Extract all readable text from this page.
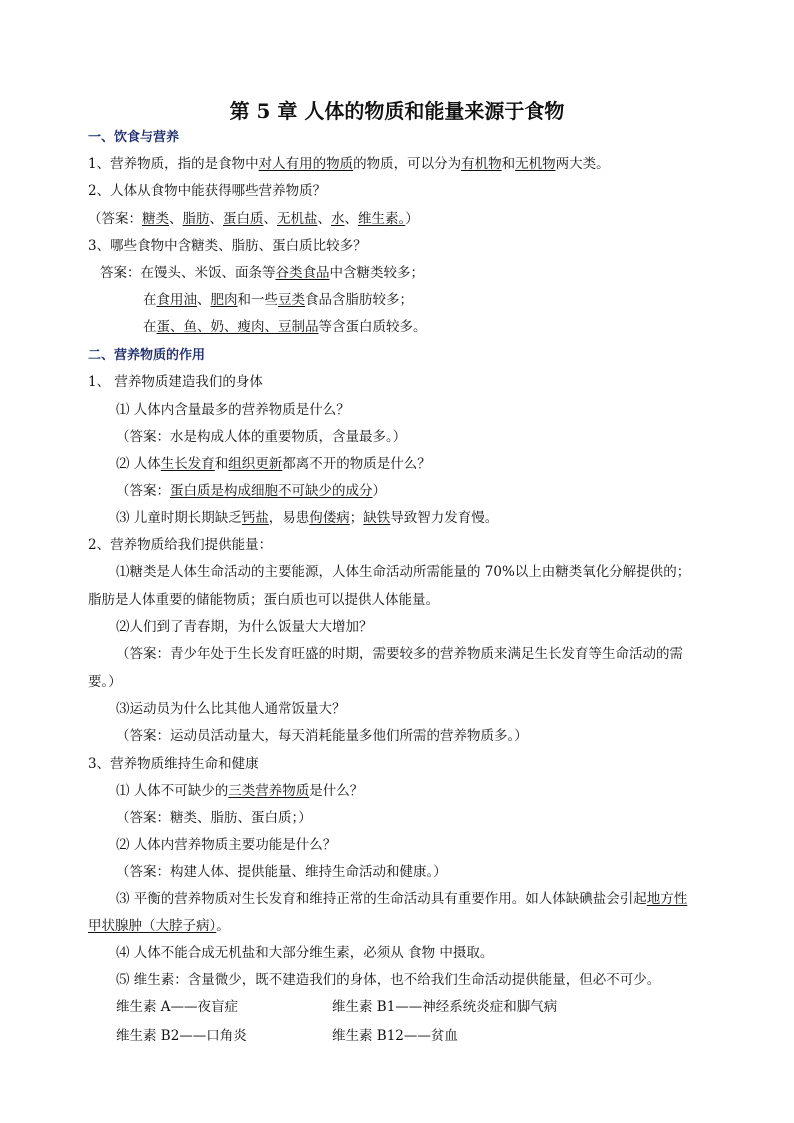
第 5 章 人体的物质和能量来源于食物
一、饮食与营养
1、营养物质，指的是食物中对人有用的物质的物质，可以分为有机物和无机物两大类。
2、人体从食物中能获得哪些营养物质？
（答案：糖类、脂肪、蛋白质、无机盐、水、维生素。）
3、哪些食物中含糖类、脂肪、蛋白质比较多？
答案：在馒头、米饭、面条等谷类食品中含糖类较多；
在食用油、肥肉和一些豆类食品含脂肪较多；
在蛋、鱼、奶、瘦肉、豆制品等含蛋白质较多。
二、营养物质的作用
1、 营养物质建造我们的身体
⑴ 人体内含量最多的营养物质是什么？
（答案：水是构成人体的重要物质，含量最多。）
⑵ 人体生长发育和组织更新都离不开的物质是什么？
（答案：蛋白质是构成细胞不可缺少的成分）
⑶ 儿童时期长期缺乏钙盐，易患佝偻病；缺铁导致智力发育慢。
2、营养物质给我们提供能量：
⑴糖类是人体生命活动的主要能源，人体生命活动所需能量的 70%以上由糖类氧化分解提供的；
脂肪是人体重要的储能物质；蛋白质也可以提供人体能量。
⑵人们到了青春期，为什么饭量大大增加？
（答案：青少年处于生长发育旺盛的时期，需要较多的营养物质来满足生长发育等生命活动的需
要。）
⑶运动员为什么比其他人通常饭量大？
（答案：运动员活动量大，每天消耗能量多他们所需的营养物质多。）
3、营养物质维持生命和健康
⑴ 人体不可缺少的三类营养物质是什么？
（答案：糖类、脂肪、蛋白质；）
⑵ 人体内营养物质主要功能是什么？
（答案：构建人体、提供能量、维持生命活动和健康。）
⑶ 平衡的营养物质对生长发育和维持正常的生命活动具有重要作用。如人体缺碘盐会引起地方性
甲状腺肿（大脖子病）。
⑷ 人体不能合成无机盐和大部分维生素，必须从 食物 中摄取。
⑸ 维生素：含量微少，既不建造我们的身体，也不给我们生命活动提供能量，但必不可少。
维生素 A——夜盲症	维生素 B1——神经系统炎症和脚气病
维生素 B2——口角炎	维生素 B12——贫血
